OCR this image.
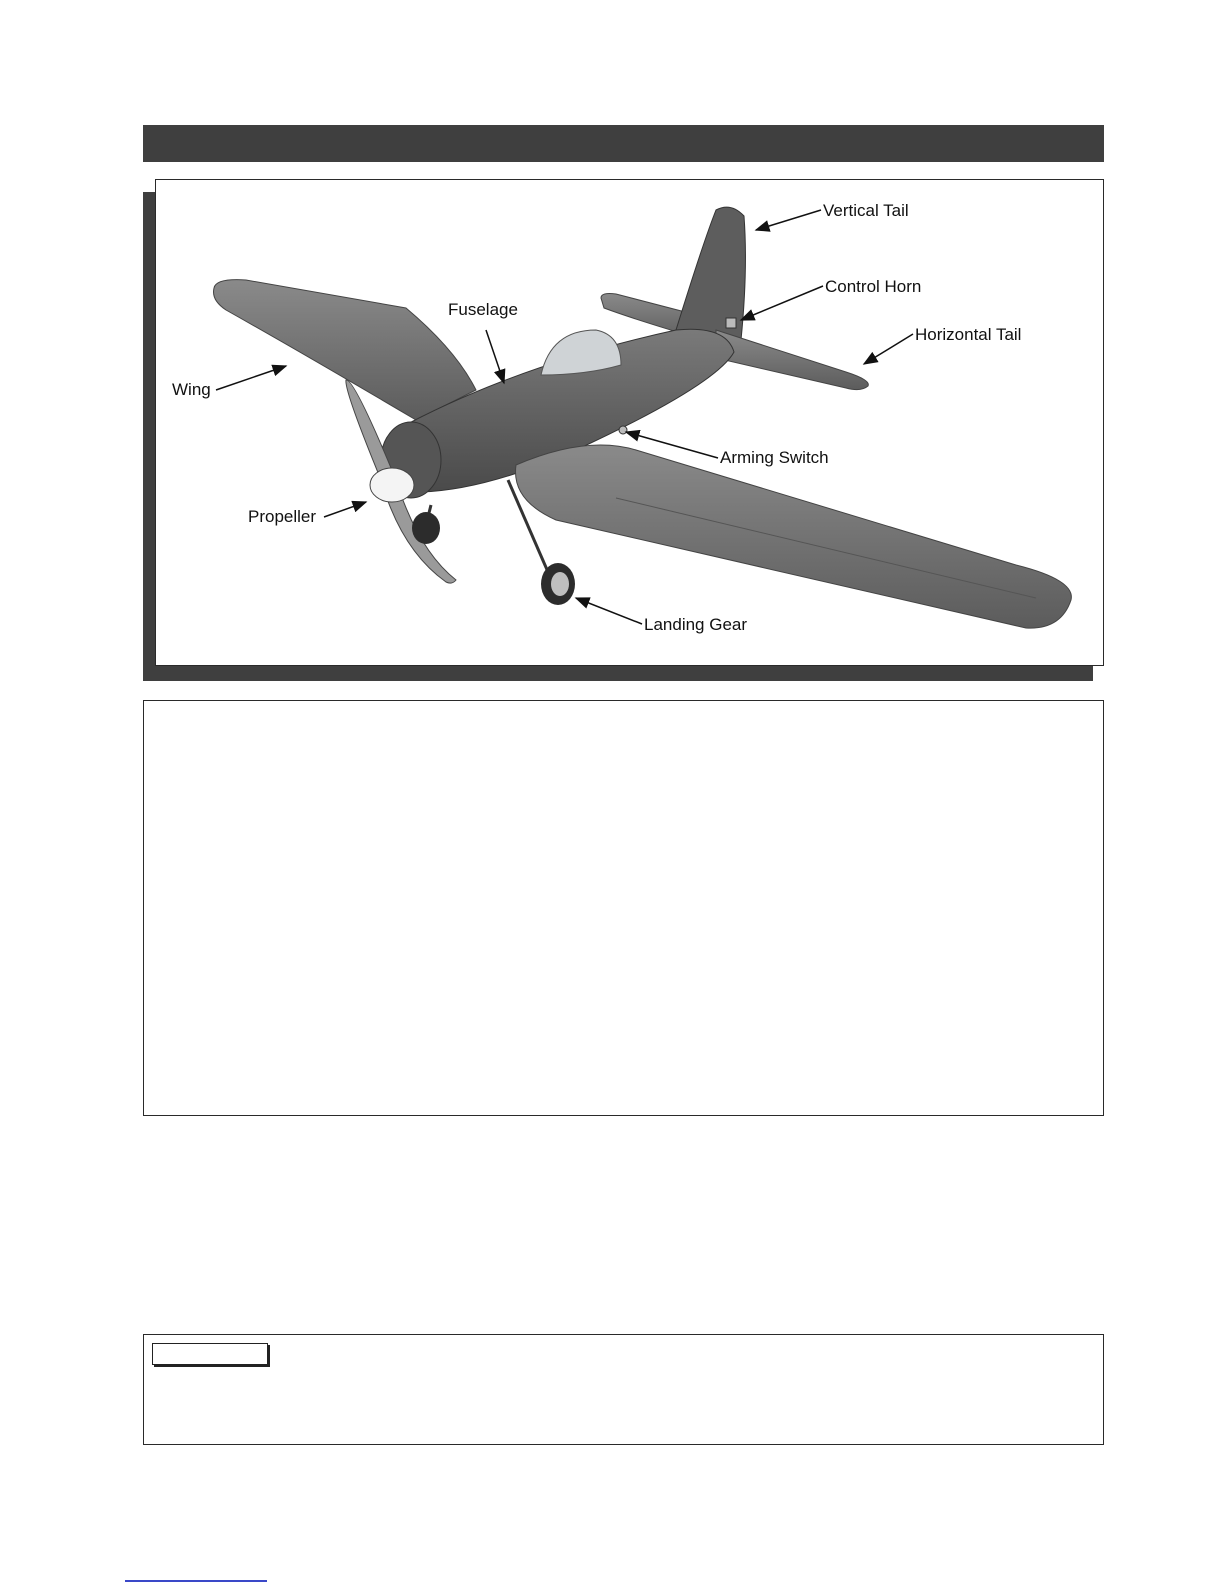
Vertical Tail
Control Horn
Horizontal Tail
Fuselage
Wing
Arming Switch
Propeller
Landing Gear
